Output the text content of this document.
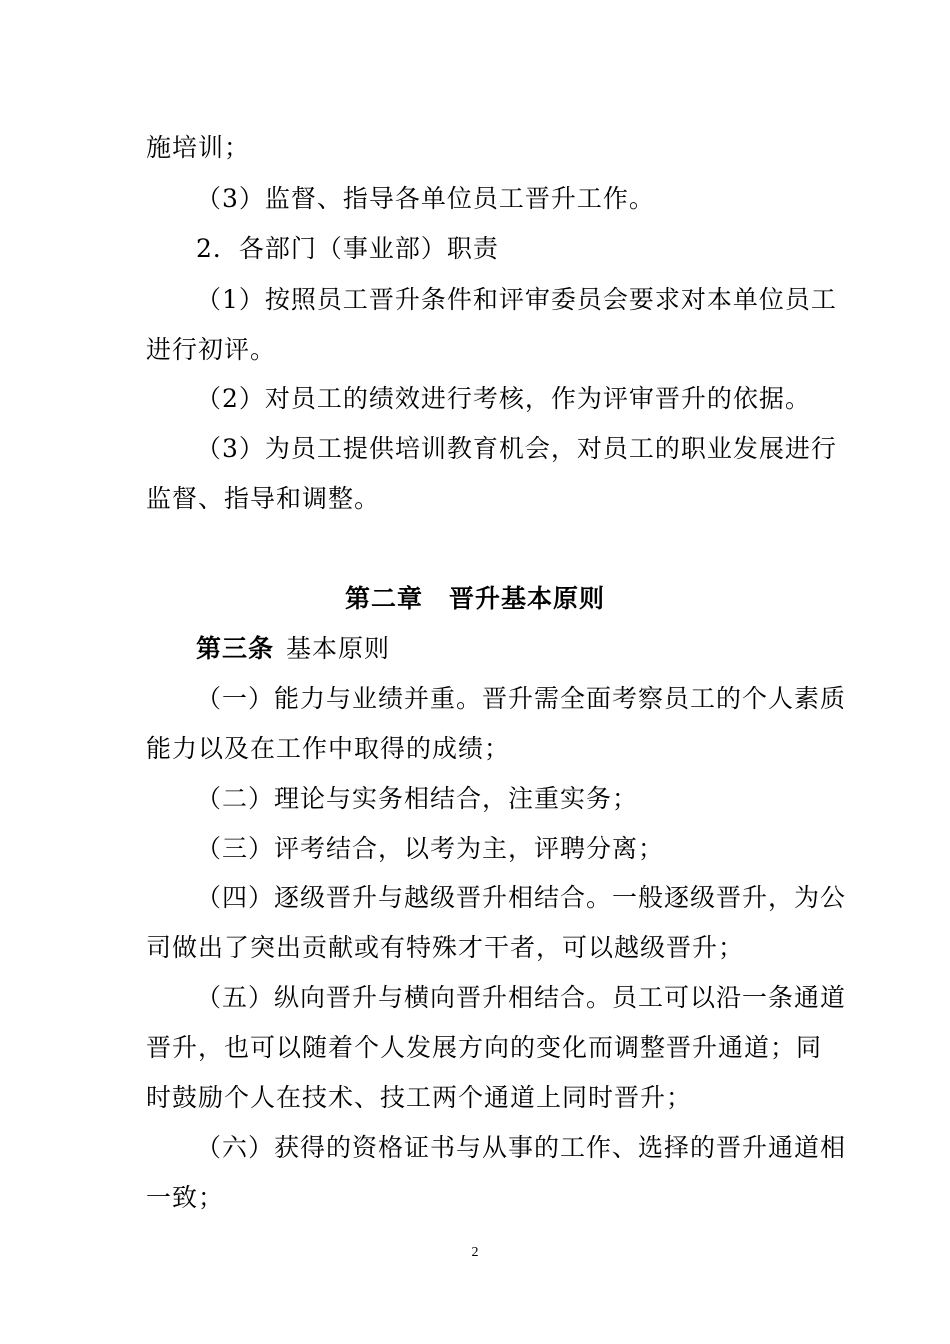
施培训；
（3）监督、指导各单位员工晋升工作。
2．各部门（事业部）职责
（1）按照员工晋升条件和评审委员会要求对本单位员工
进行初评。
（2）对员工的绩效进行考核，作为评审晋升的依据。
（3）为员工提供培训教育机会，对员工的职业发展进行
监督、指导和调整。
第二章　晋升基本原则
第三条 基本原则
（一）能力与业绩并重。晋升需全面考察员工的个人素质
能力以及在工作中取得的成绩；
（二）理论与实务相结合，注重实务；
（三）评考结合，以考为主，评聘分离；
（四）逐级晋升与越级晋升相结合。一般逐级晋升，为公
司做出了突出贡献或有特殊才干者，可以越级晋升；
（五）纵向晋升与横向晋升相结合。员工可以沿一条通道
晋升，也可以随着个人发展方向的变化而调整晋升通道；同
时鼓励个人在技术、技工两个通道上同时晋升；
（六）获得的资格证书与从事的工作、选择的晋升通道相
一致；
2
